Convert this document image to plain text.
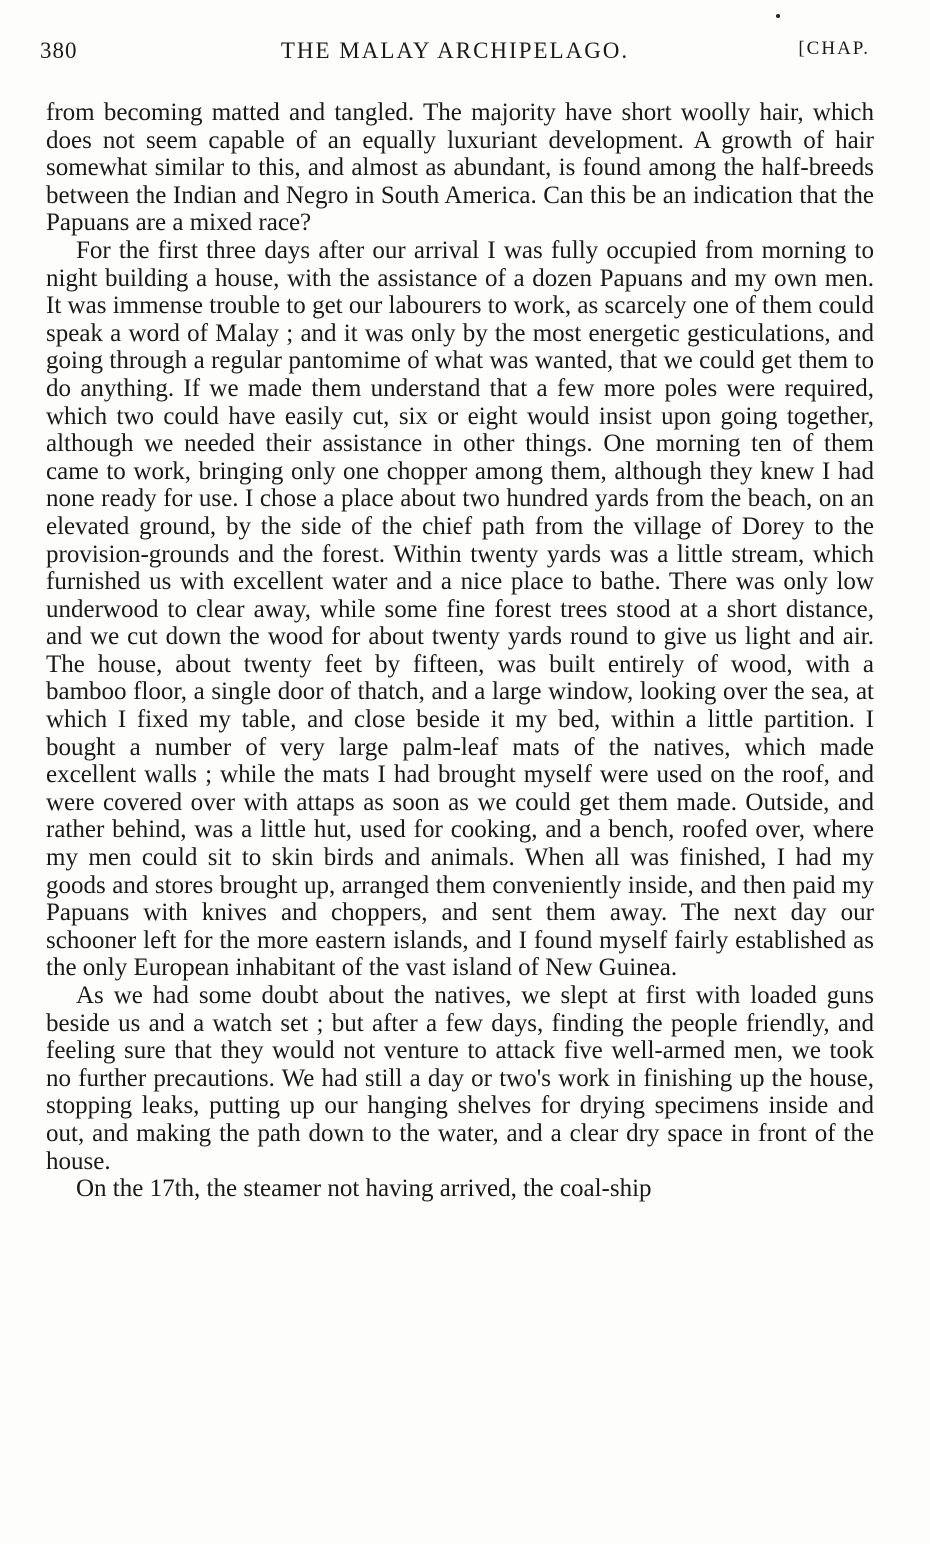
380	THE MALAY ARCHIPELAGO.	[CHAP.

from becoming matted and tangled. The majority have short woolly hair, which does not seem capable of an equally luxuriant development. A growth of hair somewhat similar to this, and almost as abundant, is found among the half-breeds between the Indian and Negro in South America. Can this be an indication that the Papuans are a mixed race?

For the first three days after our arrival I was fully occupied from morning to night building a house, with the assistance of a dozen Papuans and my own men. It was immense trouble to get our labourers to work, as scarcely one of them could speak a word of Malay ; and it was only by the most energetic gesticulations, and going through a regular pantomime of what was wanted, that we could get them to do anything. If we made them understand that a few more poles were required, which two could have easily cut, six or eight would insist upon going together, although we needed their assistance in other things. One morning ten of them came to work, bringing only one chopper among them, although they knew I had none ready for use. I chose a place about two hundred yards from the beach, on an elevated ground, by the side of the chief path from the village of Dorey to the provision-grounds and the forest. Within twenty yards was a little stream, which furnished us with excellent water and a nice place to bathe. There was only low underwood to clear away, while some fine forest trees stood at a short distance, and we cut down the wood for about twenty yards round to give us light and air. The house, about twenty feet by fifteen, was built entirely of wood, with a bamboo floor, a single door of thatch, and a large window, looking over the sea, at which I fixed my table, and close beside it my bed, within a little partition. I bought a number of very large palm-leaf mats of the natives, which made excellent walls ; while the mats I had brought myself were used on the roof, and were covered over with attaps as soon as we could get them made. Outside, and rather behind, was a little hut, used for cooking, and a bench, roofed over, where my men could sit to skin birds and animals. When all was finished, I had my goods and stores brought up, arranged them conveniently inside, and then paid my Papuans with knives and choppers, and sent them away. The next day our schooner left for the more eastern islands, and I found myself fairly established as the only European inhabitant of the vast island of New Guinea.

As we had some doubt about the natives, we slept at first with loaded guns beside us and a watch set ; but after a few days, finding the people friendly, and feeling sure that they would not venture to attack five well-armed men, we took no further precautions. We had still a day or two's work in finishing up the house, stopping leaks, putting up our hanging shelves for drying specimens inside and out, and making the path down to the water, and a clear dry space in front of the house.

On the 17th, the steamer not having arrived, the coal-ship
